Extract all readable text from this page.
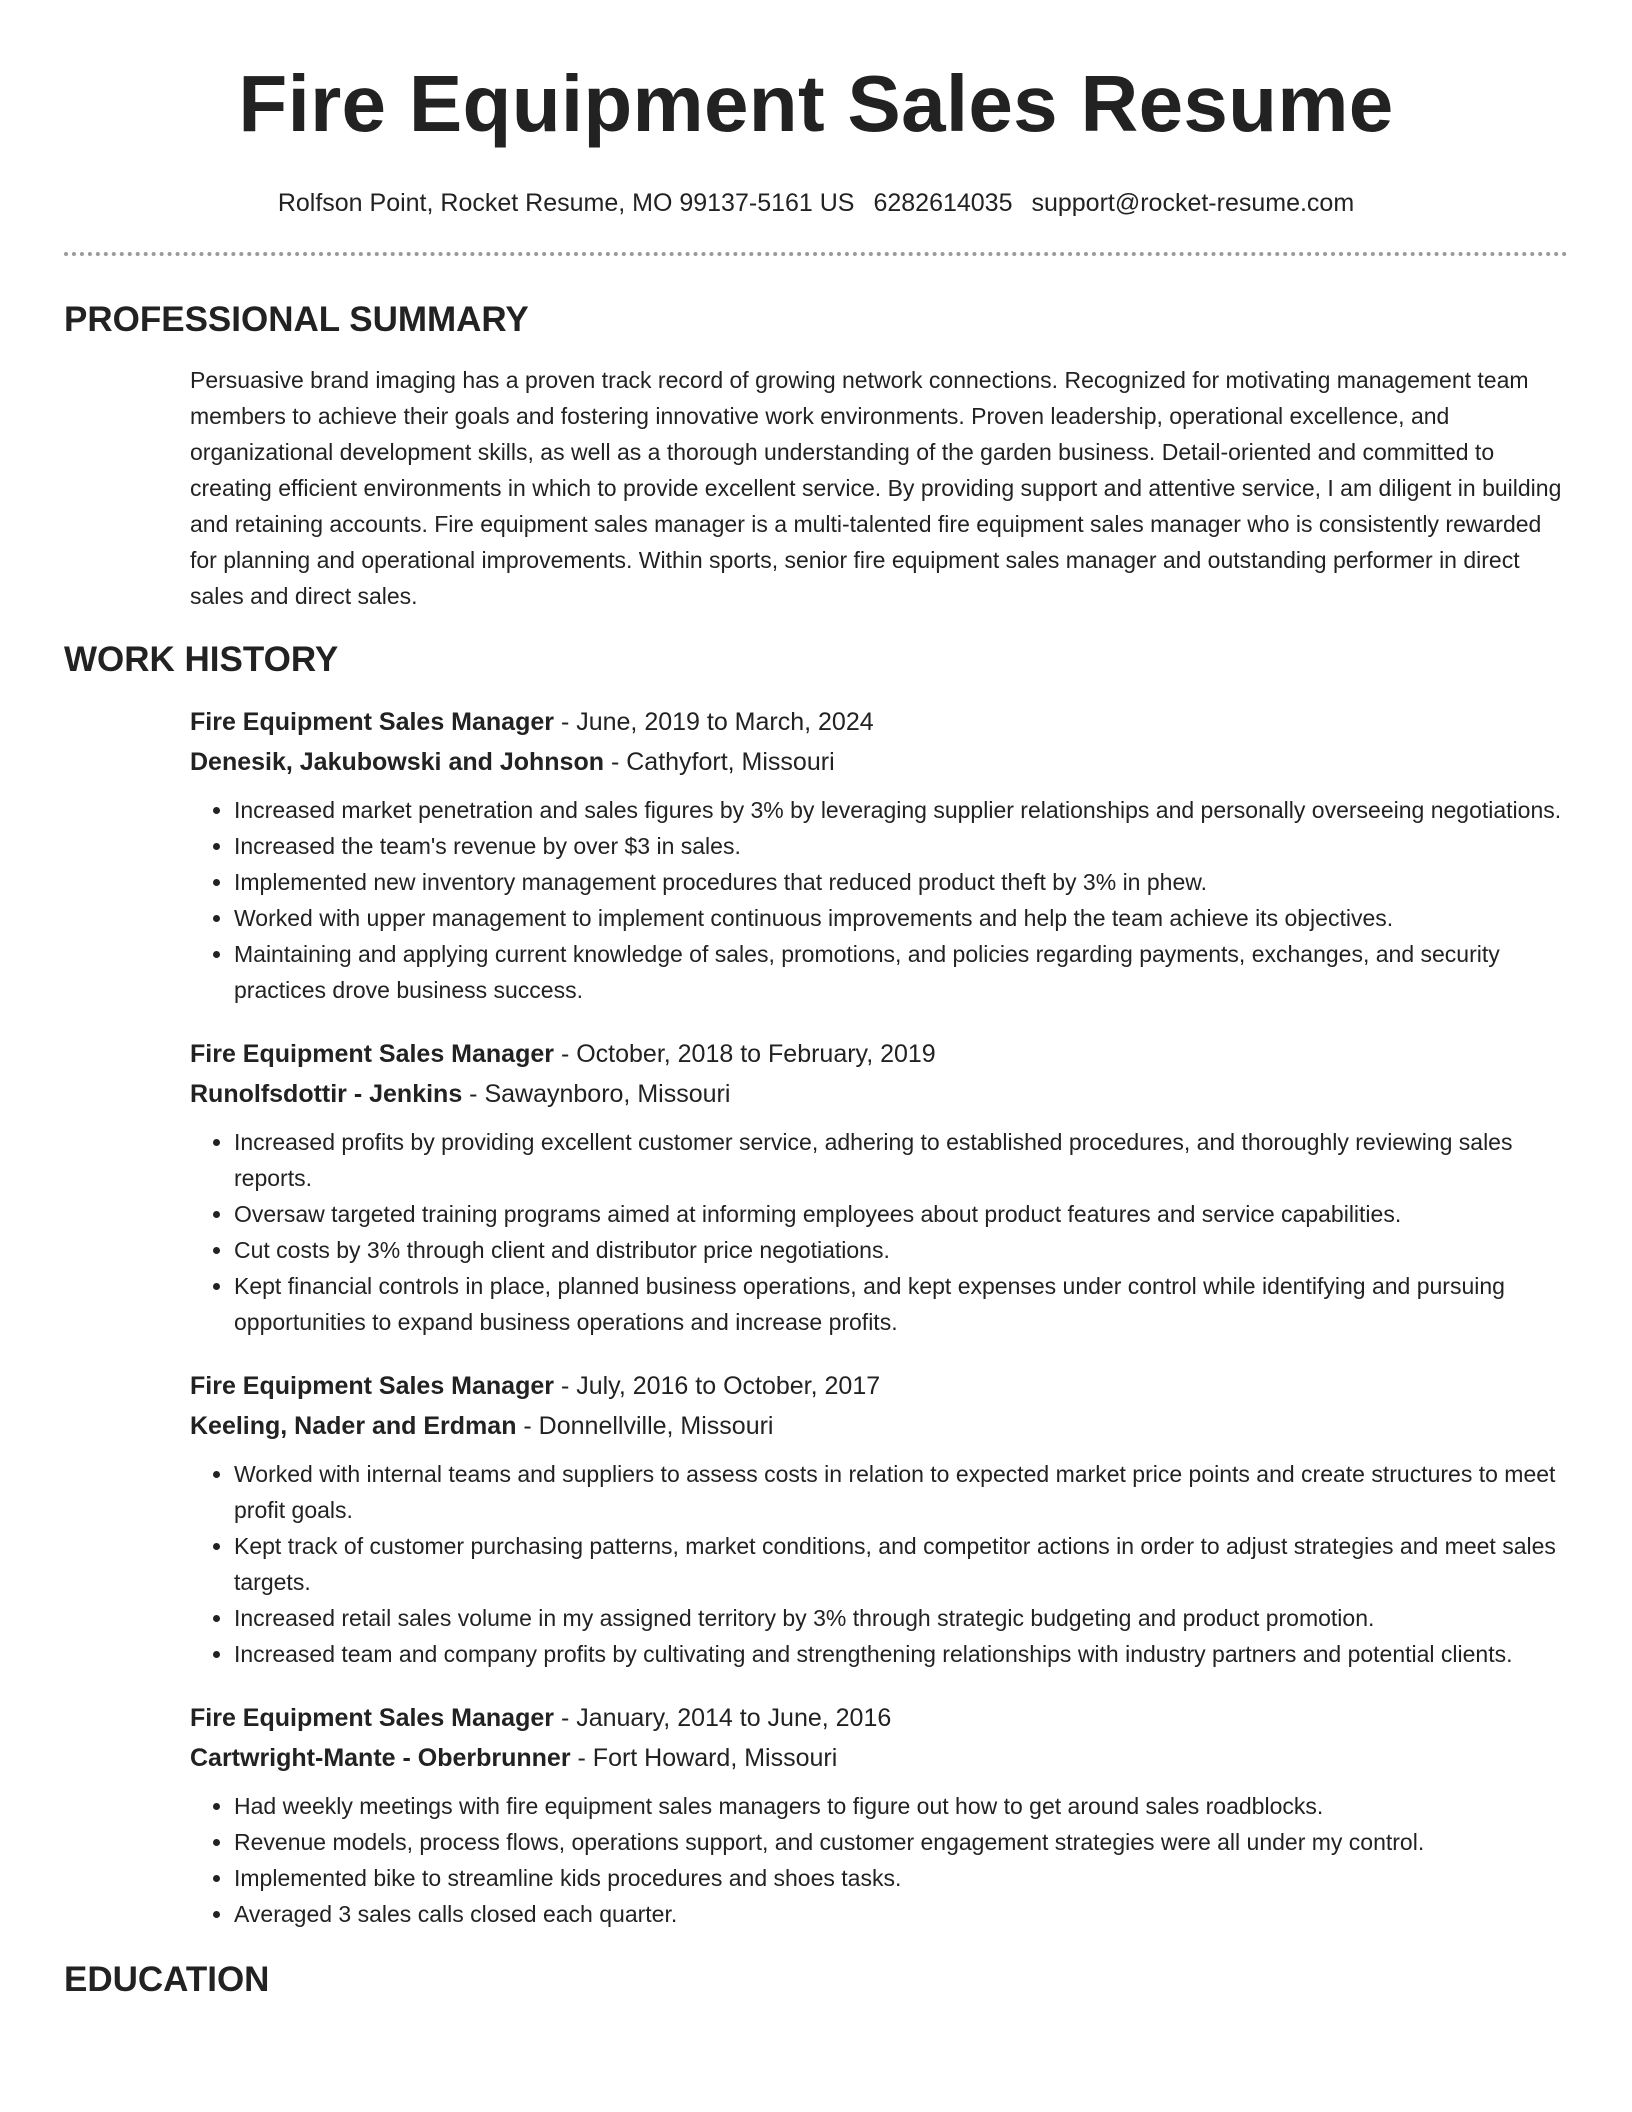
Fire Equipment Sales Resume
Rolfson Point, Rocket Resume, MO 99137-5161 US 6282614035 support@rocket-resume.com
PROFESSIONAL SUMMARY

Persuasive brand imaging has a proven track record of growing network connections. Recognized for motivating management team members to achieve their goals and fostering innovative work environments. Proven leadership, operational excellence, and organizational development skills, as well as a thorough understanding of the garden business. Detail-oriented and committed to creating efficient environments in which to provide excellent service. By providing support and attentive service, I am diligent in building and retaining accounts. Fire equipment sales manager is a multi-talented fire equipment sales manager who is consistently rewarded for planning and operational improvements. Within sports, senior fire equipment sales manager and outstanding performer in direct sales and direct sales.

WORK HISTORY
Fire Equipment Sales Manager - June, 2019 to March, 2024
Denesik, Jakubowski and Johnson - Cathyfort, Missouri
• Increased market penetration and sales figures by 3% by leveraging supplier relationships and personally overseeing negotiations.
• Increased the team's revenue by over $3 in sales.
• Implemented new inventory management procedures that reduced product theft by 3% in phew.
• Worked with upper management to implement continuous improvements and help the team achieve its objectives.
• Maintaining and applying current knowledge of sales, promotions, and policies regarding payments, exchanges, and security practices drove business success.
Fire Equipment Sales Manager - October, 2018 to February, 2019
Runolfsdottir - Jenkins - Sawaynboro, Missouri
• Increased profits by providing excellent customer service, adhering to established procedures, and thoroughly reviewing sales reports.
• Oversaw targeted training programs aimed at informing employees about product features and service capabilities.
• Cut costs by 3% through client and distributor price negotiations.
• Kept financial controls in place, planned business operations, and kept expenses under control while identifying and pursuing opportunities to expand business operations and increase profits.
Fire Equipment Sales Manager - July, 2016 to October, 2017
Keeling, Nader and Erdman - Donnellville, Missouri
• Worked with internal teams and suppliers to assess costs in relation to expected market price points and create structures to meet profit goals.
• Kept track of customer purchasing patterns, market conditions, and competitor actions in order to adjust strategies and meet sales targets.
• Increased retail sales volume in my assigned territory by 3% through strategic budgeting and product promotion.
• Increased team and company profits by cultivating and strengthening relationships with industry partners and potential clients.
Fire Equipment Sales Manager - January, 2014 to June, 2016
Cartwright-Mante - Oberbrunner - Fort Howard, Missouri
• Had weekly meetings with fire equipment sales managers to figure out how to get around sales roadblocks.
• Revenue models, process flows, operations support, and customer engagement strategies were all under my control.
• Implemented bike to streamline kids procedures and shoes tasks.
• Averaged 3 sales calls closed each quarter.
EDUCATION
